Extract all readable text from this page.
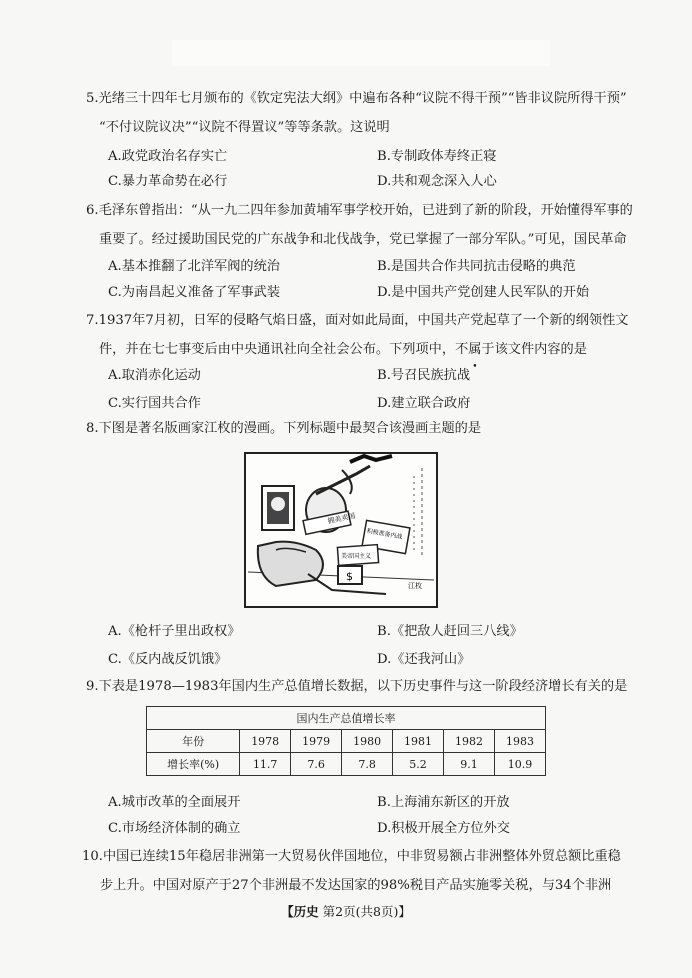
5.光绪三十四年七月颁布的《钦定宪法大纲》中遍布各种“议院不得干预”“皆非议院所得干预”
“不付议院议决”“议院不得置议”等等条款。这说明
A.政党政治名存实亡	B.专制政体寿终正寝
C.暴力革命势在必行	D.共和观念深入人心
6.毛泽东曾指出：“从一九二四年参加黄埔军事学校开始，已进到了新的阶段，开始懂得军事的
重要了。经过援助国民党的广东战争和北伐战争，党已掌握了一部分军队。”可见，国民革命
A.基本推翻了北洋军阀的统治	B.是国共合作共同抗击侵略的典范
C.为南昌起义准备了军事武装	D.是中国共产党创建人民军队的开始
7.1937年7月初，日军的侵略气焰日盛，面对如此局面，中国共产党起草了一个新的纲领性文
件，并在七七事变后由中央通讯社向全社会公布。下列项中，不属于该文件内容的是
A.取消赤化运动	B.号召民族抗战
C.实行国共合作	D.建立联合政府
8.下图是著名版画家江枚的漫画。下列标题中最契合该漫画主题的是
拥美卖国
积极准备内战
美帝国主义
$
江枚
A.《枪杆子里出政权》	B.《把敌人赶回三八线》
C.《反内战反饥饿》	D.《还我河山》
9.下表是1978—1983年国内生产总值增长数据，以下历史事件与这一阶段经济增长有关的是
国内生产总值增长率						
年份	1978	1979	1980	1981	1982	1983
增长率(%)	11.7	7.6	7.8	5.2	9.1	10.9
A.城市改革的全面展开	B.上海浦东新区的开放
C.市场经济体制的确立	D.积极开展全方位外交
10.中国已连续15年稳居非洲第一大贸易伙伴国地位，中非贸易额占非洲整体外贸总额比重稳
步上升。中国对原产于27个非洲最不发达国家的98%税目产品实施零关税，与34个非洲
【历史 第2页(共8页)】
